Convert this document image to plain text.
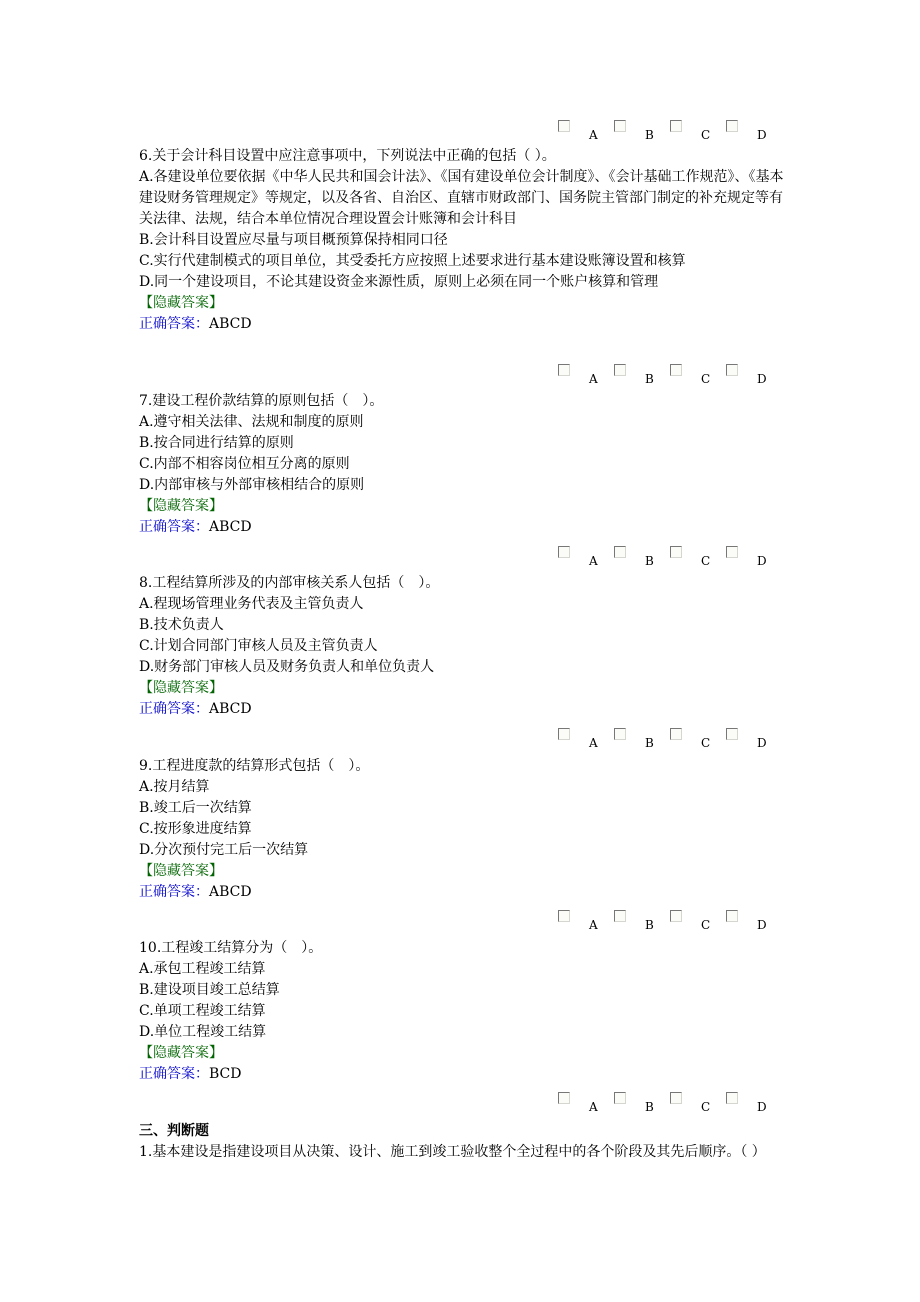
A	B	C	D
6.关于会计科目设置中应注意事项中，下列说法中正确的包括（ ）。
A.各建设单位要依据《中华人民共和国会计法》、《国有建设单位会计制度》、《会计基础工作规范》、《基本建设财务管理规定》等规定，以及各省、自治区、直辖市财政部门、国务院主管部门制定的补充规定等有关法律、法规，结合本单位情况合理设置会计账簿和会计科目
B.会计科目设置应尽量与项目概预算保持相同口径
C.实行代建制模式的项目单位，其受委托方应按照上述要求进行基本建设账簿设置和核算
D.同一个建设项目，不论其建设资金来源性质，原则上必须在同一个账户核算和管理
【隐藏答案】
正确答案：ABCD
A	B	C	D
7.建设工程价款结算的原则包括（　）。
A.遵守相关法律、法规和制度的原则
B.按合同进行结算的原则
C.内部不相容岗位相互分离的原则
D.内部审核与外部审核相结合的原则
【隐藏答案】
正确答案：ABCD
A	B	C	D
8.工程结算所涉及的内部审核关系人包括（　）。
A.程现场管理业务代表及主管负责人
B.技术负责人
C.计划合同部门审核人员及主管负责人
D.财务部门审核人员及财务负责人和单位负责人
【隐藏答案】
正确答案：ABCD
A	B	C	D
9.工程进度款的结算形式包括（　）。
A.按月结算
B.竣工后一次结算
C.按形象进度结算
D.分次预付完工后一次结算
【隐藏答案】
正确答案：ABCD
A	B	C	D
10.工程竣工结算分为（　）。
A.承包工程竣工结算
B.建设项目竣工总结算
C.单项工程竣工结算
D.单位工程竣工结算
【隐藏答案】
正确答案：BCD
A	B	C	D
三、判断题
1.基本建设是指建设项目从决策、设计、施工到竣工验收整个全过程中的各个阶段及其先后顺序。（ ）
